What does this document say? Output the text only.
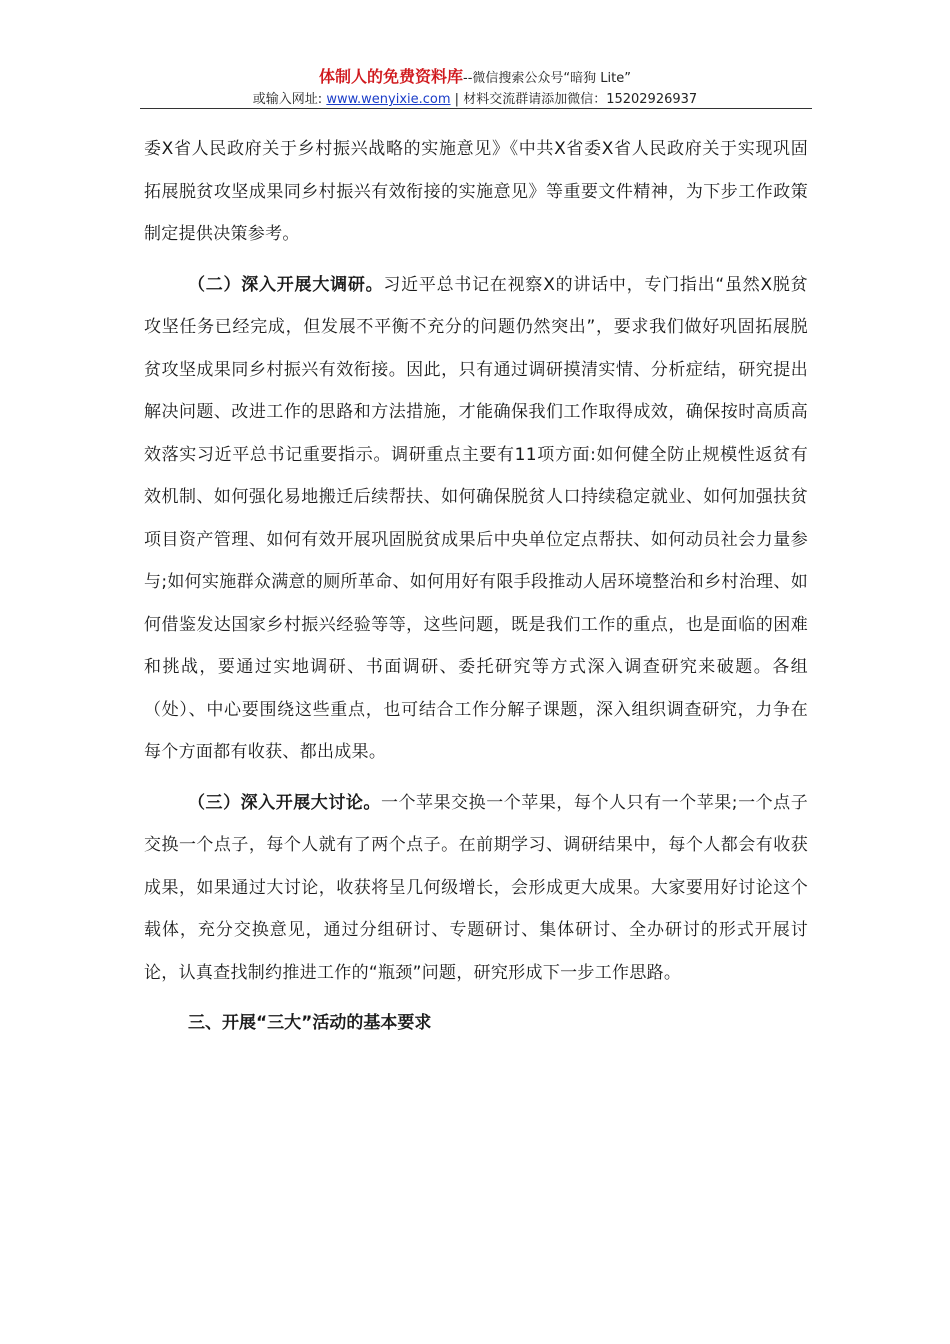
体制人的免费资料库--微信搜索公众号“暗狗 Lite”
或输入网址: www.wenyixie.com | 材料交流群请添加微信：15202926937

委X省人民政府关于乡村振兴战略的实施意见》《中共X省委X省人民政府关于实现巩固拓展脱贫攻坚成果同乡村振兴有效衔接的实施意见》等重要文件精神，为下步工作政策制定提供决策参考。

（二）深入开展大调研。习近平总书记在视察X的讲话中，专门指出“虽然X脱贫攻坚任务已经完成，但发展不平衡不充分的问题仍然突出”，要求我们做好巩固拓展脱贫攻坚成果同乡村振兴有效衔接。因此，只有通过调研摸清实情、分析症结，研究提出解决问题、改进工作的思路和方法措施，才能确保我们工作取得成效，确保按时高质高效落实习近平总书记重要指示。调研重点主要有11项方面:如何健全防止规模性返贫有效机制、如何强化易地搬迁后续帮扶、如何确保脱贫人口持续稳定就业、如何加强扶贫项目资产管理、如何有效开展巩固脱贫成果后中央单位定点帮扶、如何动员社会力量参与;如何实施群众满意的厕所革命、如何用好有限手段推动人居环境整治和乡村治理、如何借鉴发达国家乡村振兴经验等等，这些问题，既是我们工作的重点，也是面临的困难和挑战，要通过实地调研、书面调研、委托研究等方式深入调查研究来破题。各组（处）、中心要围绕这些重点，也可结合工作分解子课题，深入组织调查研究，力争在每个方面都有收获、都出成果。

（三）深入开展大讨论。一个苹果交换一个苹果，每个人只有一个苹果;一个点子交换一个点子，每个人就有了两个点子。在前期学习、调研结果中，每个人都会有收获成果，如果通过大讨论，收获将呈几何级增长，会形成更大成果。大家要用好讨论这个载体，充分交换意见，通过分组研讨、专题研讨、集体研讨、全办研讨的形式开展讨论，认真查找制约推进工作的“瓶颈”问题，研究形成下一步工作思路。

三、开展“三大”活动的基本要求
